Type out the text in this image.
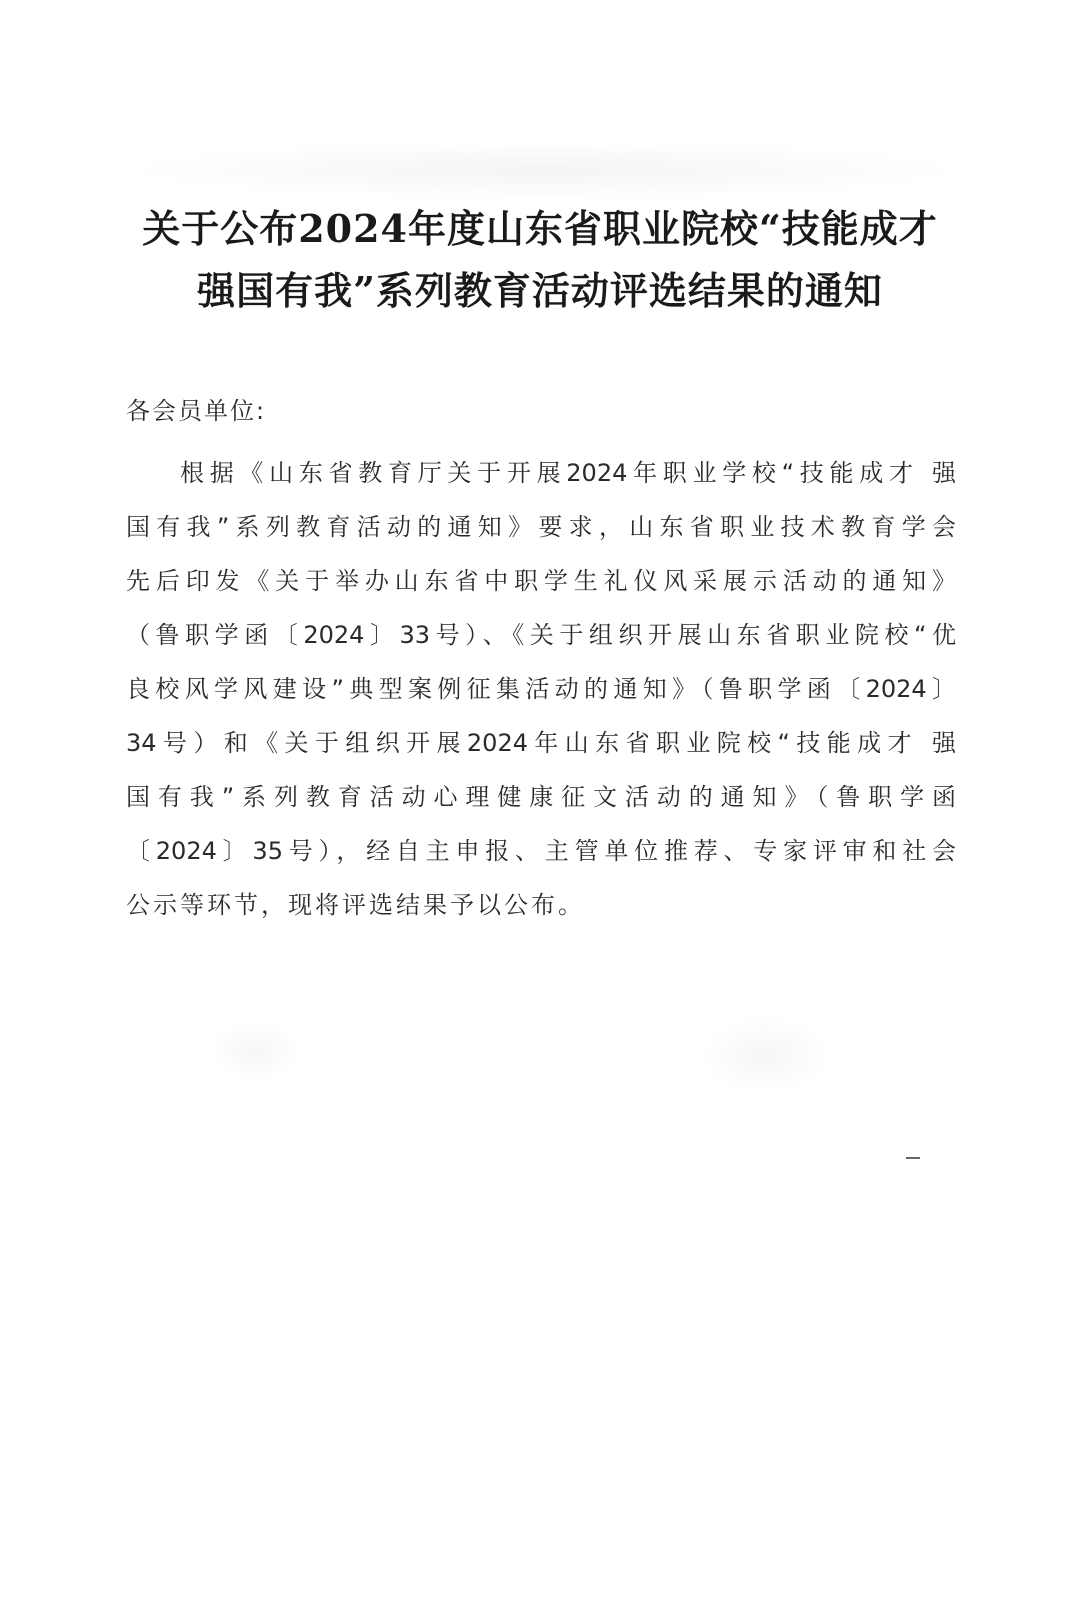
关于公布2024年度山东省职业院校“技能成才
强国有我”系列教育活动评选结果的通知
各会员单位:
根据《山东省教育厅关于开展2024年职业学校“技能成才 强
国有我”系列教育活动的通知》要求，山东省职业技术教育学会
先后印发《关于举办山东省中职学生礼仪风采展示活动的通知》
（鲁职学函〔2024〕33号）、《关于组织开展山东省职业院校“优
良校风学风建设”典型案例征集活动的通知》（鲁职学函〔2024〕
34号）和《关于组织开展2024年山东省职业院校“技能成才 强
国有我”系列教育活动心理健康征文活动的通知》（鲁职学函
〔2024〕35号），经自主申报、主管单位推荐、专家评审和社会
公示等环节，现将评选结果予以公布。
